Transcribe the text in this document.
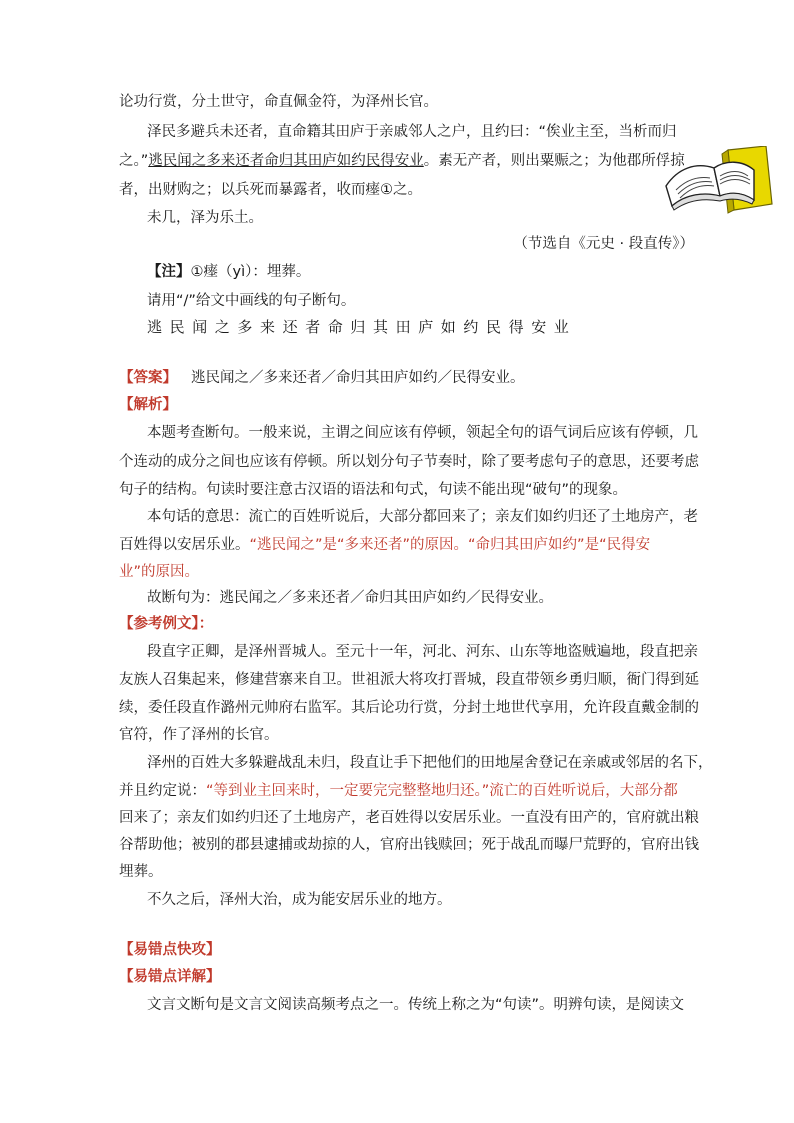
论功行赏，分土世守，命直佩金符，为泽州长官。
泽民多避兵未还者，直命籍其田庐于亲戚邻人之户，且约曰：“俟业主至，当析而归
之。”逃民闻之多来还者命归其田庐如约民得安业。素无产者，则出粟赈之；为他郡所俘掠
者，出财购之；以兵死而暴露者，收而瘗①之。
未几，泽为乐土。
（节选自《元史 · 段直传》）
【注】①瘗（yì）：埋葬。
请用“/”给文中画线的句子断句。
逃民闻之多来还者命归其田庐如约民得安业
【答案】 逃民闻之／多来还者／命归其田庐如约／民得安业。
【解析】
本题考查断句。一般来说，主谓之间应该有停顿，领起全句的语气词后应该有停顿，几
个连动的成分之间也应该有停顿。所以划分句子节奏时，除了要考虑句子的意思，还要考虑
句子的结构。句读时要注意古汉语的语法和句式，句读不能出现“破句”的现象。
本句话的意思：流亡的百姓听说后，大部分都回来了；亲友们如约归还了土地房产，老
百姓得以安居乐业。“逃民闻之”是“多来还者”的原因。“命归其田庐如约”是“民得安
业”的原因。
故断句为：逃民闻之／多来还者／命归其田庐如约／民得安业。
【参考例文】：
段直字正卿，是泽州晋城人。至元十一年，河北、河东、山东等地盗贼遍地，段直把亲
友族人召集起来，修建营寨来自卫。世祖派大将攻打晋城，段直带领乡勇归顺，衙门得到延
续，委任段直作潞州元帅府右监军。其后论功行赏，分封土地世代享用，允许段直戴金制的
官符，作了泽州的长官。
泽州的百姓大多躲避战乱未归，段直让手下把他们的田地屋舍登记在亲戚或邻居的名下，
并且约定说：“等到业主回来时，一定要完完整整地归还。”流亡的百姓听说后，大部分都
回来了；亲友们如约归还了土地房产，老百姓得以安居乐业。一直没有田产的，官府就出粮
谷帮助他；被别的郡县逮捕或劫掠的人，官府出钱赎回；死于战乱而曝尸荒野的，官府出钱
埋葬。
不久之后，泽州大治，成为能安居乐业的地方。
【易错点快攻】
【易错点详解】
文言文断句是文言文阅读高频考点之一。传统上称之为“句读”。明辨句读，是阅读文
